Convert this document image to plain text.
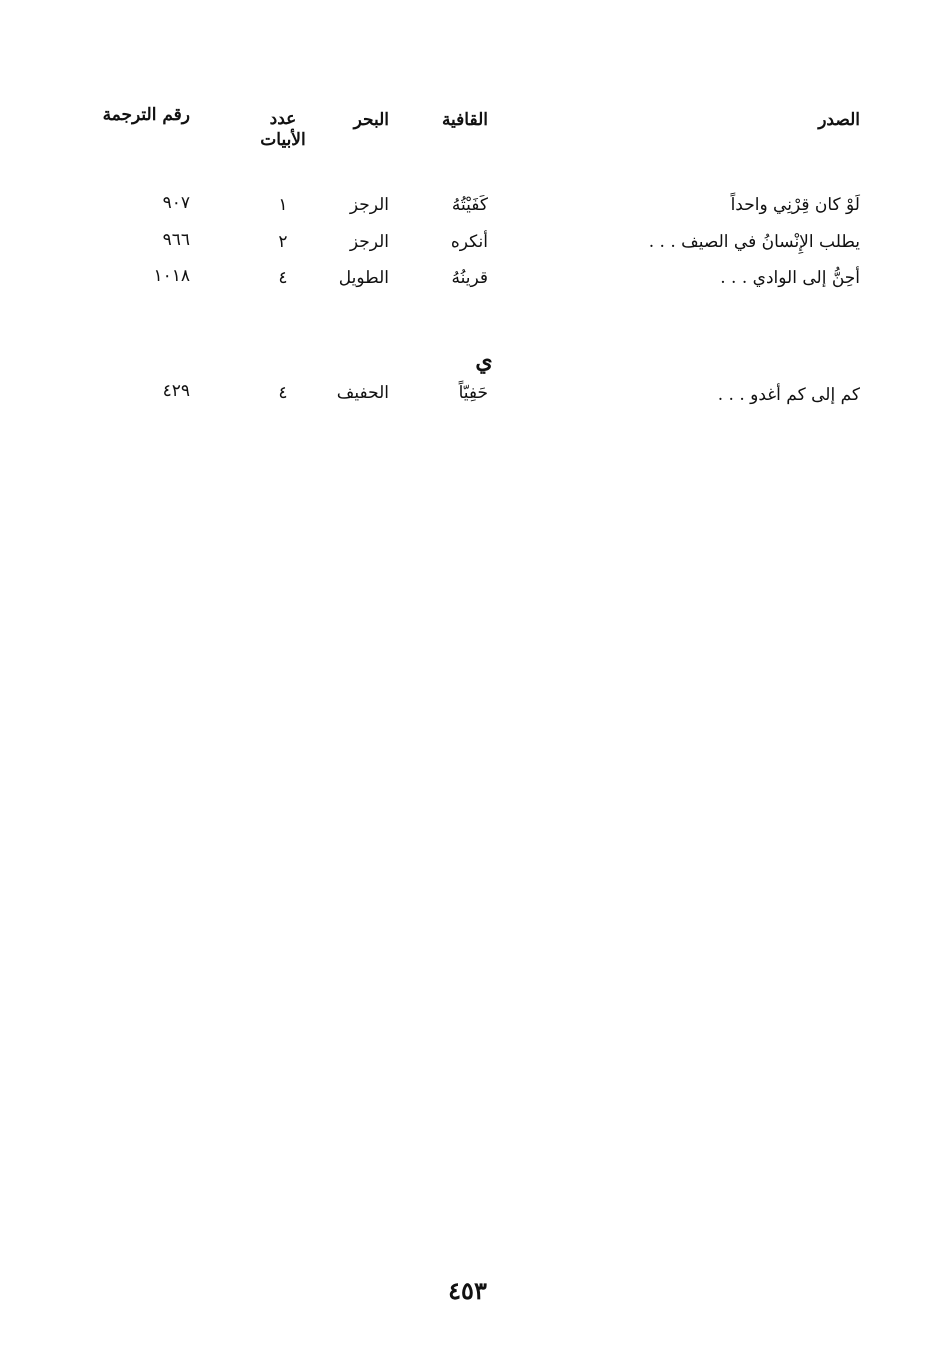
الصدر
القافية
البحر
عدد
الأبيات
رقم الترجمة
لَوْ كان قِرْنِي واحداً
كَفَيْتُهُ
الرجز
١
٩٠٧
يطلب الإِنْسانُ في الصيف . . .
أنكره
الرجز
٢
٩٦٦
أحِنُّ إلى الوادي . . .
قرينُهُ
الطويل
٤
١٠١٨
ي
كم إلى كم أغدو . . .
حَفِيّاً
الحفيف
٤
٤٢٩
٤٥٣
